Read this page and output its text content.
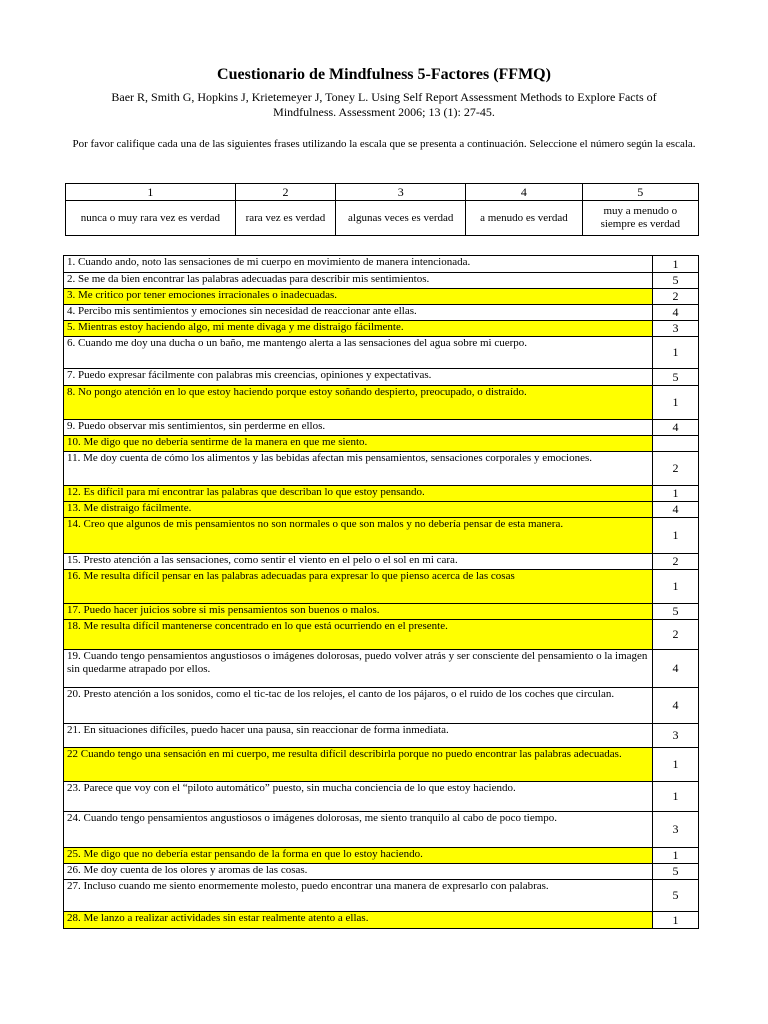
Cuestionario de Mindfulness 5-Factores (FFMQ)
Baer R, Smith G, Hopkins J, Krietemeyer J, Toney L. Using Self Report Assessment Methods to Explore Facts of Mindfulness. Assessment 2006; 13 (1): 27-45.
Por favor califique cada una de las siguientes frases utilizando la escala que se presenta a continuación. Seleccione el número según la escala.
1	2	3	4	5
nunca o muy rara vez es verdad	rara vez es verdad	algunas veces es verdad	a menudo es verdad	muy a menudo o siempre es verdad
1. Cuando ando, noto las sensaciones de mi cuerpo en movimiento de manera intencionada.	1
2. Se me da bien encontrar las palabras adecuadas para describir mis sentimientos.	5
3. Me critico por tener emociones irracionales o inadecuadas.	2
4. Percibo mis sentimientos y emociones sin necesidad de reaccionar ante ellas.	4
5. Mientras estoy haciendo algo, mi mente divaga y me distraigo fácilmente.	3
6. Cuando me doy una ducha o un baño, me mantengo alerta a las sensaciones del agua sobre mi cuerpo.	1
7. Puedo expresar fácilmente con palabras mis creencias, opiniones y expectativas.	5
8. No pongo atención en lo que estoy haciendo porque estoy soñando despierto, preocupado, o distraído.	1
9. Puedo observar mis sentimientos, sin perderme en ellos.	4
10. Me digo que no debería sentirme de la manera en que me siento.	
11. Me doy cuenta de cómo los alimentos y las bebidas afectan mis pensamientos, sensaciones corporales y emociones.	2
12. Es difícil para mí encontrar las palabras que describan lo que estoy pensando.	1
13. Me distraigo fácilmente.	4
14. Creo que algunos de mis pensamientos no son normales o que son malos y no debería pensar de esta manera.	1
15. Presto atención a las sensaciones, como sentir el viento en el pelo o el sol en mi cara.	2
16. Me resulta difícil pensar en las palabras adecuadas para expresar lo que pienso acerca de las cosas	1
17. Puedo hacer juicios sobre si mis pensamientos son buenos o malos.	5
18. Me resulta difícil mantenerse concentrado en lo que está ocurriendo en el presente.	2
19. Cuando tengo pensamientos angustiosos o imágenes dolorosas, puedo volver atrás y ser consciente del pensamiento o la imagen sin quedarme atrapado por ellos.	4
20. Presto atención a los sonidos, como el tic-tac de los relojes, el canto de los pájaros, o el ruido de los coches que circulan.	4
21. En situaciones difíciles, puedo hacer una pausa, sin reaccionar de forma inmediata.	3
22 Cuando tengo una sensación en mi cuerpo, me resulta difícil describirla porque no puedo encontrar las palabras adecuadas.	1
23. Parece que voy con el “piloto automático” puesto, sin mucha conciencia de lo que estoy haciendo.	1
24. Cuando tengo pensamientos angustiosos o imágenes dolorosas, me siento tranquilo al cabo de poco tiempo.	3
25. Me digo que no debería estar pensando de la forma en que lo estoy haciendo.	1
26. Me doy cuenta de los olores y aromas de las cosas.	5
27. Incluso cuando me siento enormemente molesto, puedo encontrar una manera de expresarlo con palabras.	5
28. Me lanzo a realizar actividades sin estar realmente atento a ellas.	1
